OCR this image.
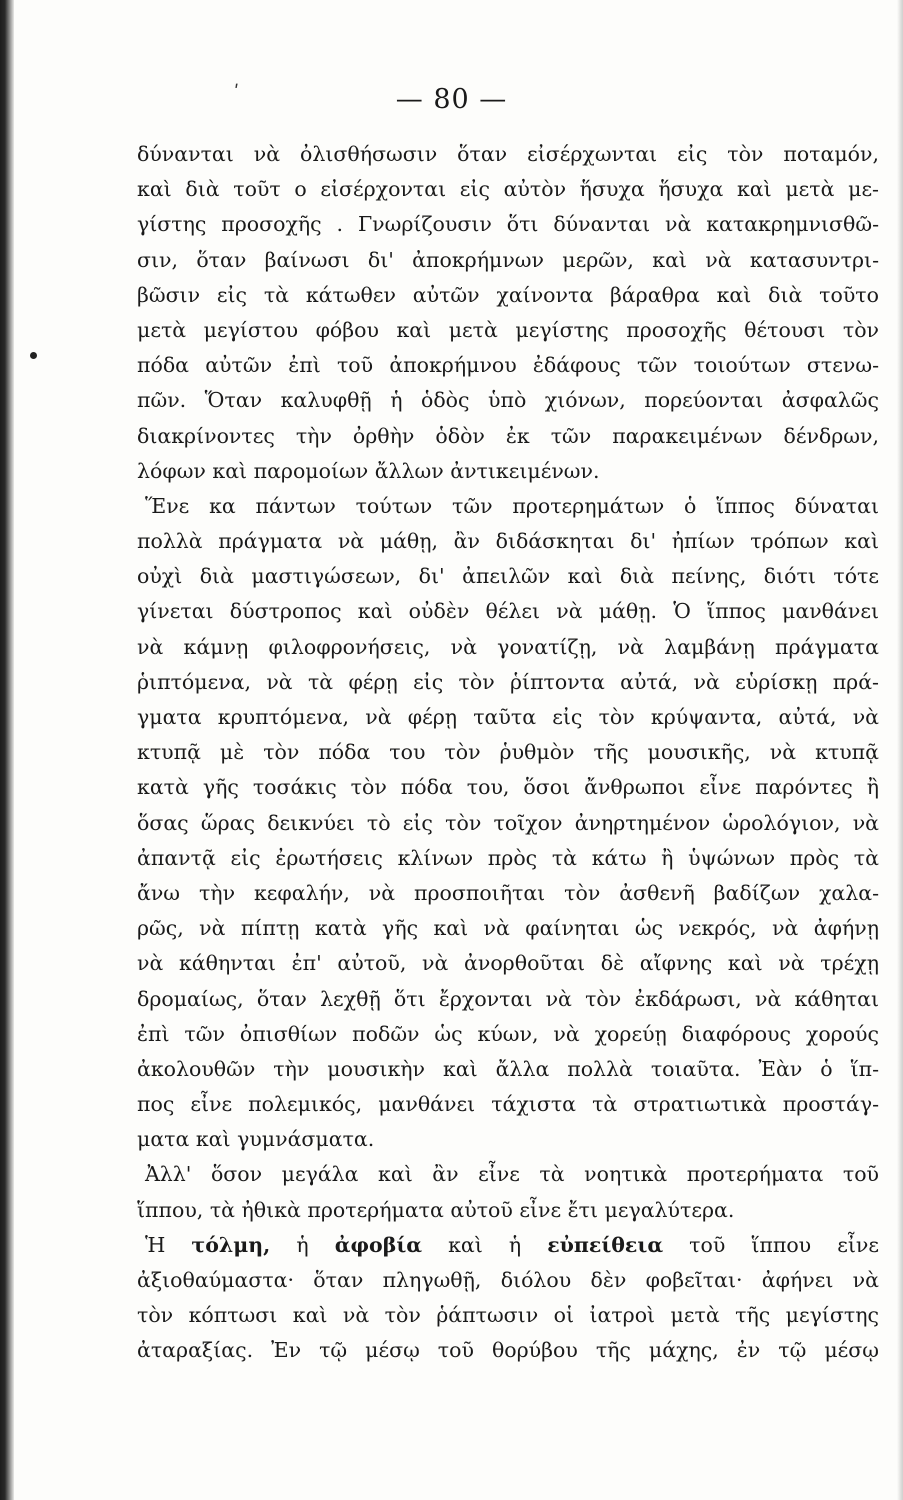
ʹ	— 80 —
δύνανται νὰ ὀλισθήσωσιν ὅταν εἰσέρχωνται εἰς τὸν ποταμόν,
καὶ διὰ τοῦτ ο εἰσέρχονται εἰς αὐτὸν ἥσυχα ἥσυχα καὶ μετὰ με-
γίστης προσοχῆς . Γνωρίζουσιν ὅτι δύνανται νὰ κατακρημνισθῶ-
σιν, ὅταν βαίνωσι δι' ἀποκρήμνων μερῶν, καὶ νὰ κατασυντρι-
βῶσιν εἰς τὰ κάτωθεν αὐτῶν χαίνοντα βάραθρα καὶ διὰ τοῦτο
μετὰ μεγίστου φόβου καὶ μετὰ μεγίστης προσοχῆς θέτουσι τὸν
πόδα αὐτῶν ἐπὶ τοῦ ἀποκρήμνου ἐδάφους τῶν τοιούτων στενω-
πῶν. Ὅταν καλυφθῇ ἡ ὁδὸς ὑπὸ χιόνων, πορεύονται ἀσφαλῶς
διακρίνοντες τὴν ὀρθὴν ὁδὸν ἐκ τῶν παρακειμένων δένδρων,
λόφων καὶ παρομοίων ἄλλων ἀντικειμένων.
Ἕνε κα πάντων τούτων τῶν προτερημάτων ὁ ἵππος δύναται
πολλὰ πράγματα νὰ μάθῃ, ἂν διδάσκηται δι' ἠπίων τρόπων καὶ
οὐχὶ διὰ μαστιγώσεων, δι' ἀπειλῶν καὶ διὰ πείνης, διότι τότε
γίνεται δύστροπος καὶ οὐδὲν θέλει νὰ μάθῃ. Ὁ ἵππος μανθάνει
νὰ κάμνῃ φιλοφρονήσεις, νὰ γονατίζῃ, νὰ λαμβάνῃ πράγματα
ῥιπτόμενα, νὰ τὰ φέρῃ εἰς τὸν ῥίπτοντα αὐτά, νὰ εὑρίσκῃ πρά-
γματα κρυπτόμενα, νὰ φέρῃ ταῦτα εἰς τὸν κρύψαντα, αὐτά, νὰ
κτυπᾷ μὲ τὸν πόδα του τὸν ῥυθμὸν τῆς μουσικῆς, νὰ κτυπᾷ
κατὰ γῆς τοσάκις τὸν πόδα του, ὅσοι ἄνθρωποι εἶνε παρόντες ἢ
ὅσας ὥρας δεικνύει τὸ εἰς τὸν τοῖχον ἀνηρτημένον ὡρολόγιον, νὰ
ἀπαντᾷ εἰς ἐρωτήσεις κλίνων πρὸς τὰ κάτω ἢ ὑψώνων πρὸς τὰ
ἄνω τὴν κεφαλήν, νὰ προσποιῆται τὸν ἀσθενῆ βαδίζων χαλα-
ρῶς, νὰ πίπτῃ κατὰ γῆς καὶ νὰ φαίνηται ὡς νεκρός, νὰ ἀφήνῃ
νὰ κάθηνται ἐπ' αὐτοῦ, νὰ ἀνορθοῦται δὲ αἴφνης καὶ νὰ τρέχῃ
δρομαίως, ὅταν λεχθῇ ὅτι ἔρχονται νὰ τὸν ἐκδάρωσι, νὰ κάθηται
ἐπὶ τῶν ὀπισθίων ποδῶν ὡς κύων, νὰ χορεύῃ διαφόρους χορούς
ἀκολουθῶν τὴν μουσικὴν καὶ ἄλλα πολλὰ τοιαῦτα. Ἐὰν ὁ ἵπ-
πος εἶνε πολεμικός, μανθάνει τάχιστα τὰ στρατιωτικὰ προστάγ-
ματα καὶ γυμνάσματα.
Ἀλλ' ὅσον μεγάλα καὶ ἂν εἶνε τὰ νοητικὰ προτερήματα τοῦ
ἵππου, τὰ ἠθικὰ προτερήματα αὐτοῦ εἶνε ἔτι μεγαλύτερα.
Ἡ τόλμη, ἡ ἀφοβία καὶ ἡ εὐπείθεια τοῦ ἵππου εἶνε
ἀξιοθαύμαστα· ὅταν πληγωθῇ, διόλου δὲν φοβεῖται· ἀφήνει νὰ
τὸν κόπτωσι καὶ νὰ τὸν ῥάπτωσιν οἱ ἰατροὶ μετὰ τῆς μεγίστης
ἀταραξίας. Ἐν τῷ μέσῳ τοῦ θορύβου τῆς μάχης, ἐν τῷ μέσῳ
